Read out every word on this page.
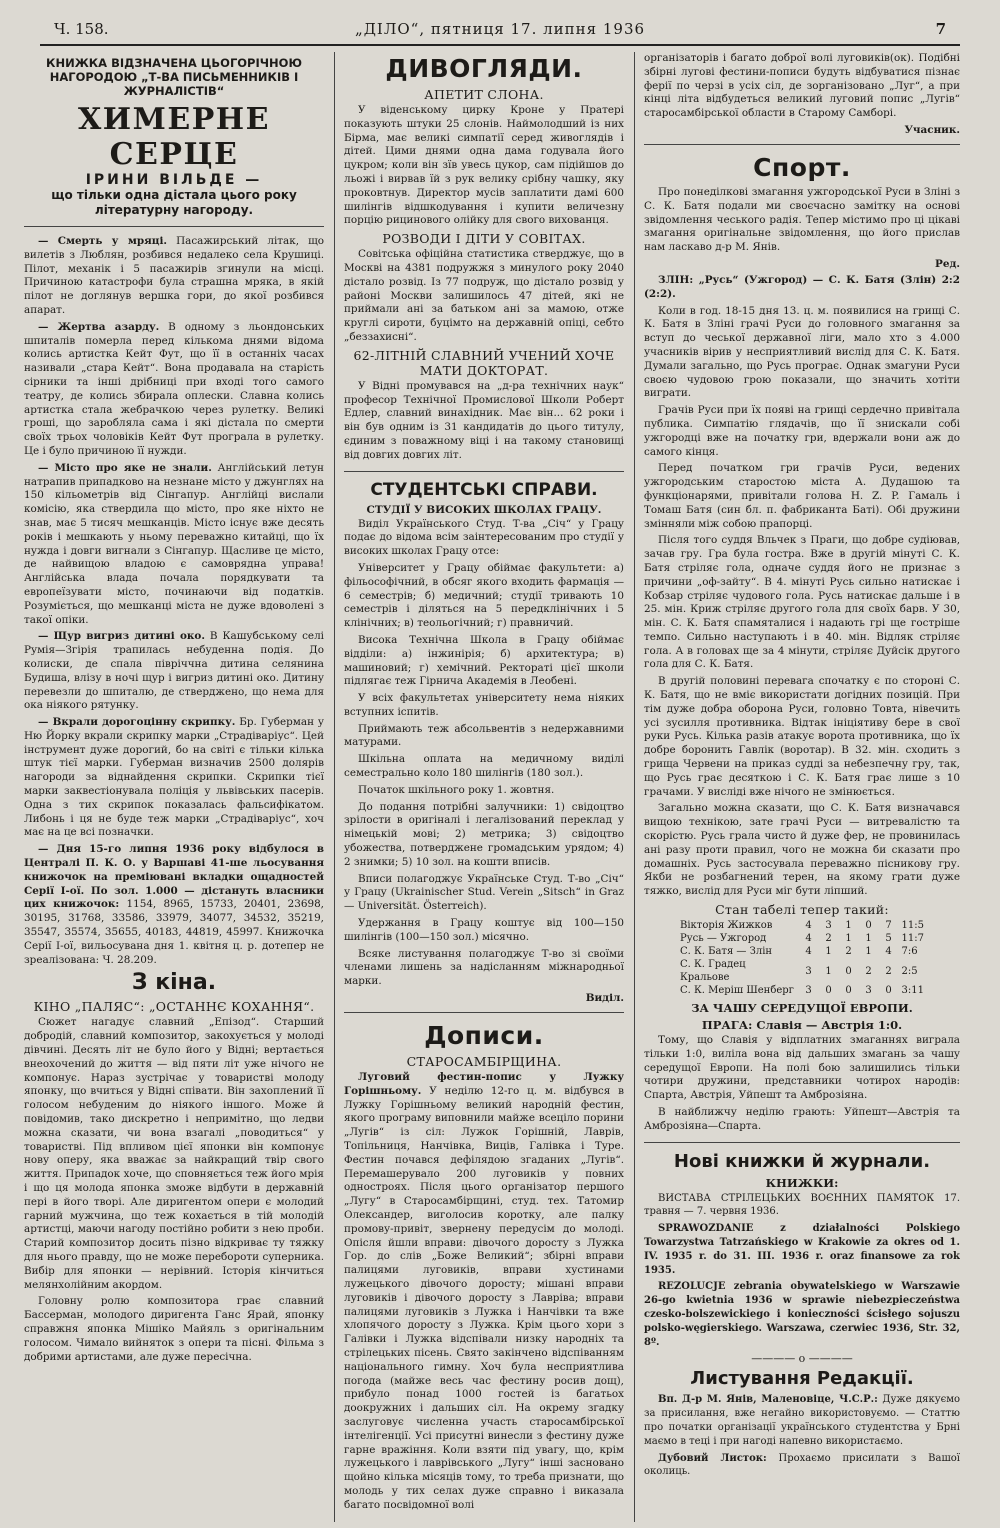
Ч. 158.	„ДІЛО“, пятниця 17. липня 1936	7
КНИЖКА ВІДЗНАЧЕНА ЦЬОГОРІЧНОЮ НАГОРОДОЮ „Т-ВА ПИСЬМЕННИКІВ І ЖУРНАЛІСТІВ“
ХИМЕРНЕ СЕРЦЕ
ІРИНИ ВІЛЬДЕ —
що тільки одна дістала цього року літературну нагороду.

— Смерть у мряці. Пасажирський літак, що вилетів з Люблян, розбився недалеко села Крушиці. Пілот, механік і 5 пасажирів згинули на місці. Причиною катастрофи була страшна мряка, в якій пілот не доглянув вершка гори, до якої розбився апарат.

— Жертва азарду. В одному з льондонських шпиталів померла перед кількома днями відома колись артистка Кейт Фут, що її в останніх часах називали „стара Кейт“. Вона продавала на старість сірники та інші дрібниці при вході того самого театру, де колись збирала оплески. Славна колись артистка стала жебрачкою через рулетку. Великі гроші, що заробляла сама і які дістала по смерти своїх трьох чоловіків Кейт Фут програла в рулетку. Це і було причиною її нужди.

— Місто про яке не знали. Англійський летун натрапив припадково на незнане місто у джунглях на 150 кільометрів від Сінгапур. Англійці вислали комісію, яка ствердила що місто, про яке ніхто не знав, має 5 тисяч мешканців. Місто існує вже десять років і мешкають у ньому переважно китайці, що їх нужда і довги вигнали з Сінгапур. Щасливе це місто, де найвищою владою є самоврядна управа! Англійська влада почала порядкувати та европеїзувати місто, починаючи від податків. Розуміється, що мешканці міста не дуже вдоволені з такої опіки.

— Щур вигриз дитині око. В Кашубському селі Румія—Згірія трапилась небуденна подія. До колиски, де спала півріччна дитина селянина Будиша, влізу в ночі щур і вигриз дитині око. Дитину перевезли до шпиталю, де стверджено, що нема для ока ніякого рятунку.

— Вкрали дорогоцінну скрипку. Бр. Губерман у Ню Йорку вкрали скрипку марки „Страдіваріус“. Цей інструмент дуже дорогий, бо на світі є тільки кілька штук тієї марки. Губерман визначив 2500 долярів нагороди за віднайдення скрипки. Скрипки тієї марки заквестіонувала поліція у львівських пасерів. Одна з тих скрипок показалась фальсифікатом. Либонь і ця не буде теж марки „Страдіваріус“, хоч має на це всі позначки.

— Дня 15-го липня 1936 року відбулося в Централі П. К. О. у Варшаві 41-ше льосування книжочок на преміювані вкладки ощадностей Серії І-ої. По зол. 1.000 — дістануть власники цих книжочок: 1154, 8965, 15733, 20401, 23698, 30195, 31768, 33586, 33979, 34077, 34532, 35219, 35547, 35574, 35655, 40183, 44819, 45997. Книжочка Серії І-ої, вильосувана дня 1. квітня ц. р. дотепер не зреалізована: Ч. 28.209.

З кіна.
КІНО „ПАЛЯС“: „ОСТАННЄ КОХАННЯ“.

Сюжет нагадує славний „Епізод“. Старший добродій, славний композитор, закохується у молоді дівчині. Десять літ не було його у Відні; вертається внеохочений до життя — від пяти літ уже нічого не компонує. Нараз зустрічає у товаристві молоду японку, що вчиться у Відні співати. Він захоплений її голосом небуденим до ніякого іншого. Може й повідомив, тако дискретно і непримітно, що ледви можна сказати, чи вона взагалі „поводиться“ у товаристві. Під впливом цієї японки він компонує нову оперу, яка вважає за найкращий твір свого життя. Припадок хоче, що сповняється теж його мрія і що ця молода японка зможе відбути в державній пері в його творі. Але диригентом опери є молодий гарний мужчина, що теж кохається в тій молодій артистці, маючи нагоду постійно робити з нею проби. Старий композитор досить пізно відкриває ту тяжку для нього правду, що не може перебороти суперника. Вибір для японки — нерівний. Історія кінчиться мелянхолійним акордом.

Головну ролю композитора грає славний Бассерман, молодого диригента Ганс Ярай, японку справжня японка Мішіко Майяль з оригінальним голосом. Чимало вийняток з опери та пісні. Фільма з добрими артистами, але дуже пересічна.

ДИВОГЛЯДИ.
АПЕТИТ СЛОНА.

У віденському цирку Кроне у Пратері показують штуки 25 слонів. Наймолодший із них Бірма, має великі симпатії серед живоглядів і дітей. Цими днями одна дама годувала його цукром; коли він зїв увесь цукор, сам підійшов до льожі і вирвав їй з рук велику срібну чашку, яку проковтнув. Директор мусів заплатити дамі 600 шилінгів відшкодування і купити величезну порцію рицинового олійку для свого вихованця.

РОЗВОДИ І ДІТИ У СОВІТАХ.

Совітська офіційна статистика стверджує, що в Москві на 4381 подружжя з минулого року 2040 дістало розвід. Із 77 подруж, що дістало розвід у районі Москви залишилось 47 дітей, які не приймали ані за батьком ані за мамою, отже круглі сироти, буцімто на державній опіці, себто „беззахисні“.

62-ЛІТНІЙ СЛАВНИЙ УЧЕНИЙ ХОЧЕ МАТИ ДОКТОРАТ.

У Відні промувався на „д-ра технічних наук“ професор Технічної Промислової Школи Роберт Едлер, славний винахідник. Має він... 62 роки і він був одним із 31 кандидатів до цього титулу, єдиним з поважному віці і на такому становищі від довгих довгих літ.

СТУДЕНТСЬКІ СПРАВИ.
СТУДІЇ У ВИСОКИХ ШКОЛАХ ГРАЦУ.

Виділ Українського Студ. Т-ва „Січ“ у Грацу подає до відома всім заінтересованим про студії у високих школах Грацу отсе:

Університет у Грацу обіймає факультети: а) фільософічний, в обсяг якого входить фармація — 6 семестрів; б) медичний; студії тривають 10 семестрів і діляться на 5 передклінічних і 5 клінічних; в) теольогічний; г) правничий.

Висока Технічна Школа в Грацу обіймає відділи: а) інжинірія; б) архитектура; в) машиновий; г) хемічний. Ректораті цієї школи підлягає теж Гірнича Академія в Леобені.

У всіх факультетах університету нема ніяких вступних іспитів.

Приймають теж абсольвентів з недержавними матурами.

Шкільна оплата на медичному виділі семестрально коло 180 шилінгів (180 зол.).

Початок шкільного року 1. жовтня.

До подання потрібні залучники: 1) свідоцтво зрілости в оригіналі і легалізований переклад у німецькій мові; 2) метрика; 3) свідоцтво убожества, потверджене громадським урядом; 4) 2 знимки; 5) 10 зол. на кошти вписів.

Вписи полагоджує Українське Студ. Т-во „Січ“ у Грацу (Ukrainischer Stud. Verein „Sitsch“ in Graz — Universität. Österreich).

Удержання в Грацу коштує від 100—150 шилінгів (100—150 зол.) місячно.

Всяке листування полагоджує Т-во зі своїми членами лишень за надісланням міжнародньої марки.

Виділ.
Дописи.
СТАРОСАМБІРЩИНА.

Луговий фестин-попис у Лужку Горішньому. У неділю 12-го ц. м. відбувся в Лужку Горішньому великий народній фестин, якого програму виповнили майже всецілo порини „Лугів“ із сіл: Лужок Горішній, Лаврів, Топільниця, Нанчівка, Виців, Галівка і Туре. Фестин почався дефілядою згаданих „Лугів“. Перемашерувало 200 луговиків у повних одностроях. Після цього організатор першого „Лугу“ в Старосамбірщині, студ. тех. Татомир Олександер, виголосив коротку, але палку промову-привіт, звернену передусім до молоді. Опісля йшли вправи: дівочого доросту з Лужка Гор. до слів „Боже Великий“; збірні вправи палицями луговиків, вправи хустинами лужецького дівочого доросту; мішані вправи луговиків і дівочого доросту з Лавріва; вправи палицями луговиків з Лужка і Нанчівки та вже хлопячого доросту з Лужка. Крім цього хори з Галівки і Лужка відспівали низку народніх та стрілецьких пісень. Свято закінчено відспіванням національного гимну. Хоч була несприятлива погода (майже весь час фестину росив дощ), прибуло понад 1000 гостей із багатьох доокружних і дальших сіл. На окрему згадку заслуговує численна участь старосамбірської інтелігенції. Усі присутні винесли з фестину дуже гарне вражіння. Коли взяти під увагу, що, крім лужецького і лаврівського „Лугу“ інші засновано щойно кілька місяців тому, то треба признати, що молодь у тих селах дуже справно і виказала багато посвідомної волі

організаторів і багато доброї волі луговиків(ок). Подібні збірні лугові фестини-пописи будуть відбуватися пізнає ферії по черзі в усіх сіл, де зорганізовано „Луг“, а при кінці літа відбудеться великий луговий попис „Лугів“ старосамбірської области в Старому Самборі.

Учасник.
Спорт.

Про понеділкові змагання ужгородської Руси в Зліні з С. К. Батя подали ми своєчасно замітку на основі звідомлення чеського радія. Тепер містимо про ці цікаві змагання оригінальне звідомлення, що його прислав нам ласкаво д-р М. Янів.

Ред.

ЗЛІН: „Русь“ (Ужгород) — С. К. Батя (Злін) 2:2 (2:2).

Коли в год. 18-15 дня 13. ц. м. появилися на грищі С. К. Батя в Зліні грачі Руси до головного змагання за вступ до чеської державної ліги, мало хто з 4.000 учасників вірив у несприятливий вислід для С. К. Батя. Думали загально, що Русь програє. Однак змагуни Руси своєю чудовою грою показали, що значить хотіти виграти.

Грачів Руси при їх появі на грищі сердечно привітала публика. Симпатію глядачів, що її знискали собі ужгородці вже на початку гри, вдержали вони аж до самого кінця.

Перед початком гри грачів Руси, ведених ужгородським старостою міста А. Дудашою та функціонарями, привітали голова H. Z. P. Гамаль і Томаш Батя (син бл. п. фабриканта Баті). Обі дружини змінняли між собою прапорці.

Після того суддя Вльчек з Праги, що добре судіював, зачав гру. Гра була гостра. Вже в другій мінуті С. К. Батя стріляє гола, одначе суддя його не признає з причини „оф-зайту“. В 4. мінуті Русь сильно натискає і Кобзар стріляє чудового гола. Русь натискає дальше і в 25. мін. Криж стріляє другого гола для своїх барв. У 30, мін. С. К. Батя спамяталися і надають грі ще гострішe темпо. Сильно наступають і в 40. мін. Відляк стріляє гола. А в головах ще за 4 мінути, стріляє Дуйсік другого гола для С. К. Батя.

В другій половині перевага спочатку є по стороні С. К. Батя, що не вміє використати догідних позицій. При тім дуже добра оборона Руси, головно Товта, нівечить усі зусилля противника. Відтак ініціятиву бере в свої руки Русь. Кілька разів атакує ворота противника, що їх добре боронить Гавлік (воротар). В 32. мін. сходить з грища Червени на приказ судді за небезпечну гру, так, що Русь грає десяткою і С. К. Батя грає лише з 10 грачами. У висліді вже нічого не змінюється.

Загально можна сказати, що С. К. Батя визначався вищою технікою, зате грачі Руси — витревалістю та скорістю. Русь грала чисто й дуже фер, не провинилась ані разу проти правил, чого не можна би сказати про домашніх. Русь застосувала переважно пісникову гру. Якби не розбагнений терен, на якому грати дуже тяжко, вислід для Руси міг бути ліпший.

Стан табелі тепер такий:
Вікторія Жижков	4	3	1	0	7	11:5
Русь — Ужгород	4	2	1	1	5	11:7
С. К. Батя — Злін	4	1	2	1	4	7:6
С. К. Градец Кральове	3	1	0	2	2	2:5
С. К. Меріш Шенберг	3	0	0	3	0	3:11
ЗА ЧАШУ СЕРЕДУЩОЇ ЕВРОПИ.
ПРАГА: Славія — Австрія 1:0.

Тому, що Славія у відплатних змаганнях виграла тільки 1:0, виліла вона від дальших змагань за чашу середущої Европи. На полі бою залишились тільки чотири дружини, представники чотирох народів: Спарта, Австрія, Уйпешт та Амброзіяна.

В найближчу неділю грають: Уйпешт—Австрія та Амброзіяна—Спарта.

Нові книжки й журнали.
КНИЖКИ:

ВИСТАВА СТРІЛЕЦЬКИХ ВОЄННИХ ПАМЯТОК 17. травня — 7. червня 1936.

SPRAWOZDANIE z działalności Polskiego Towarzystwa Tatrzańskiego w Krakowie za okres od 1. IV. 1935 r. do 31. III. 1936 r. oraz finansowe za rok 1935.

REZOLUCJE zebrania obywatelskiego w Warszawie 26-go kwietnia 1936 w sprawie niebezpieczeństwa czesko-bolszewickiego i konieczności ścisłego sojuszu polsko-węgierskiego. Warszawa, czerwiec 1936, Str. 32, 8º.

———— o ————
Листування Редакції.

Вп. Д-р М. Янів, Маленовіце, Ч.С.Р.: Дуже дякуємо за присилання, вже негайно використовуємо. — Статтю про початки організації українського студентства у Брні маємо в теці і при нагоді напевно використаємо.

Дубовий Листок: Прохаємо присилати з Вашої околиць.
